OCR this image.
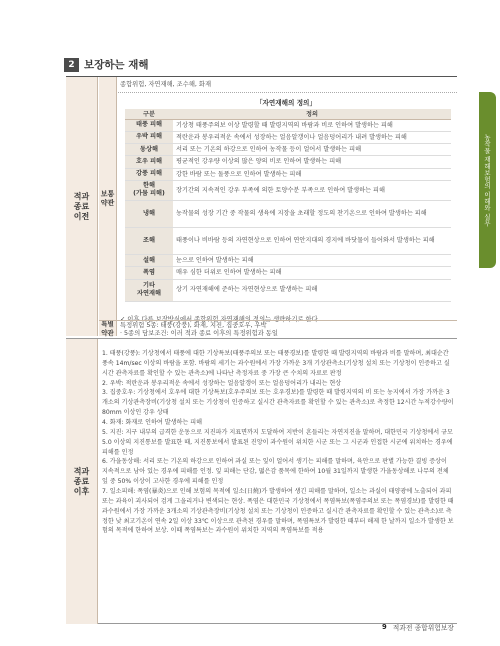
농작물 재해보험의 이해와 실무
2 보장하는 재해
적과
종료
이전
보통
약관
특별
약관
적과
종료
이후
종합위험, 자연재해, 조수해, 화재
「자연재해의 정의」
구분	정의
태풍 피해	기상청 태풍주의보 이상 발령할 때 발령지역의 바람과 비로 인하여 발생하는 피해
우박 피해	적란운과 봉우리적운 속에서 성장하는 얼음알갱이나 얼음덩어리가 내려 발생하는 피해
동상해	서리 또는 기온의 하강으로 인하여 농작물 등이 얼어서 발생하는 피해
호우 피해	평균적인 강우량 이상의 많은 양의 비로 인하여 발생하는 피해
강풍 피해	강한 바람 또는 돌풍으로 인하여 발생하는 피해
한해
(가뭄 피해)	장기간의 지속적인 강우 부족에 의한 토양수분 부족으로 인하여 발생하는 피해
냉해	농작물의 성장 기간 중 작물의 생육에 지장을 초래할 정도의 찬기온으로 인하여 발생하는 피해
조해	태풍이나 비바람 등의 자연현상으로 인하여 연안지대의 경지에 바닷물이 들어와서 발생하는 피해
설해	눈으로 인하여 발생하는 피해
폭염	매우 심한 더위로 인하여 발생하는 피해
기타
자연재해	상기 자연재해에 준하는 자연현상으로 발생하는 피해
✓ 이후 다른 보장방식에서 종합위험 자연재해의 정의는 생략하기로 한다.
특정위험 5종: 태풍(강풍), 화재, 지진, 집중호우, 우박
· 5종의 담보조건: 이러 적과 종료 이후의 특정위험과 동일

1. 태풍(강풍): 기상청에서 태풍에 대한 기상특보(태풍주의보 또는 태풍경보)를 발령한 때 발령지역의 바람과 비를 말하며, 최대순간풍속 14m/sec 이상의 바람을 포함. 바람의 세기는 과수원에서 가장 가까운 3개 기상관측소(기상청 설치 또는 기상청이 인증하고 실시간 관측자료를 확인할 수 있는 관측소)에 나타난 측정자료 중 가장 큰 수치의 자료로 판정

2. 우박: 적란운과 봉우리적운 속에서 성장하는 얼음알갱이 또는 얼음덩어리가 내리는 현상

3. 집중호우: 기상청에서 호우에 대한 기상특보(호우주의보 또는 호우경보)를 발령한 때 발령지역의 비 또는 농지에서 가장 가까운 3개소의 기상관측장비(기상청 설치 또는 기상청이 인증하고 실시간 관측자료를 확인할 수 있는 관측소)로 측정한 12시간 누적강수량이 80mm 이상인 강우 상태

4. 화재: 화재로 인하여 발생하는 피해

5. 지진: 지구 내부의 급격한 운동으로 지진파가 지표면까지 도달하여 지반이 흔들리는 자연지진을 말하며, 대한민국 기상청에서 규모 5.0 이상의 지진통보를 발표한 때, 지진통보에서 발표된 진앙이 과수원이 위치한 시군 또는 그 시군과 인접한 시군에 위치하는 경우에 피해를 인정

6. 가을동상해: 서리 또는 기온의 하강으로 인하여 과실 또는 잎이 얼어서 생기는 피해를 말하며, 육안으로 판별 가능한 결빙 증상이 지속적으로 남아 있는 경우에 피해를 인정. 잎 피해는 단감, 떫은감 품목에 한하여 10월 31일까지 발생한 가을동상해로 나무의 전체 잎 중 50% 이상이 고사한 경우에 피해를 인정

7. 일소피해: 폭염(暴炎)으로 인해 보험의 목적에 일소(日燒)가 발생하여 생긴 피해를 말하며, 일소는 과실이 태양광에 노출되어 과피 또는 과육이 괴사되어 검게 그을리거나 변색되는 현상. 폭염은 대한민국 기상청에서 폭염특보(폭염주의보 또는 폭염경보)를 발령한 때 과수원에서 가장 가까운 3개소의 기상관측장비(기상청 설치 또는 기상청이 인증하고 실시간 관측자료를 확인할 수 있는 관측소)로 측정한 낮 최고기온이 연속 2일 이상 33℃ 이상으로 관측된 경우를 말하며, 폭염특보가 발령한 때부터 해제 한 날까지 일소가 발생한 보험의 목적에 한하여 보상. 이때 폭염특보는 과수원이 위치한 지역의 폭염특보를 적용

9 적과전 종합위험보장
